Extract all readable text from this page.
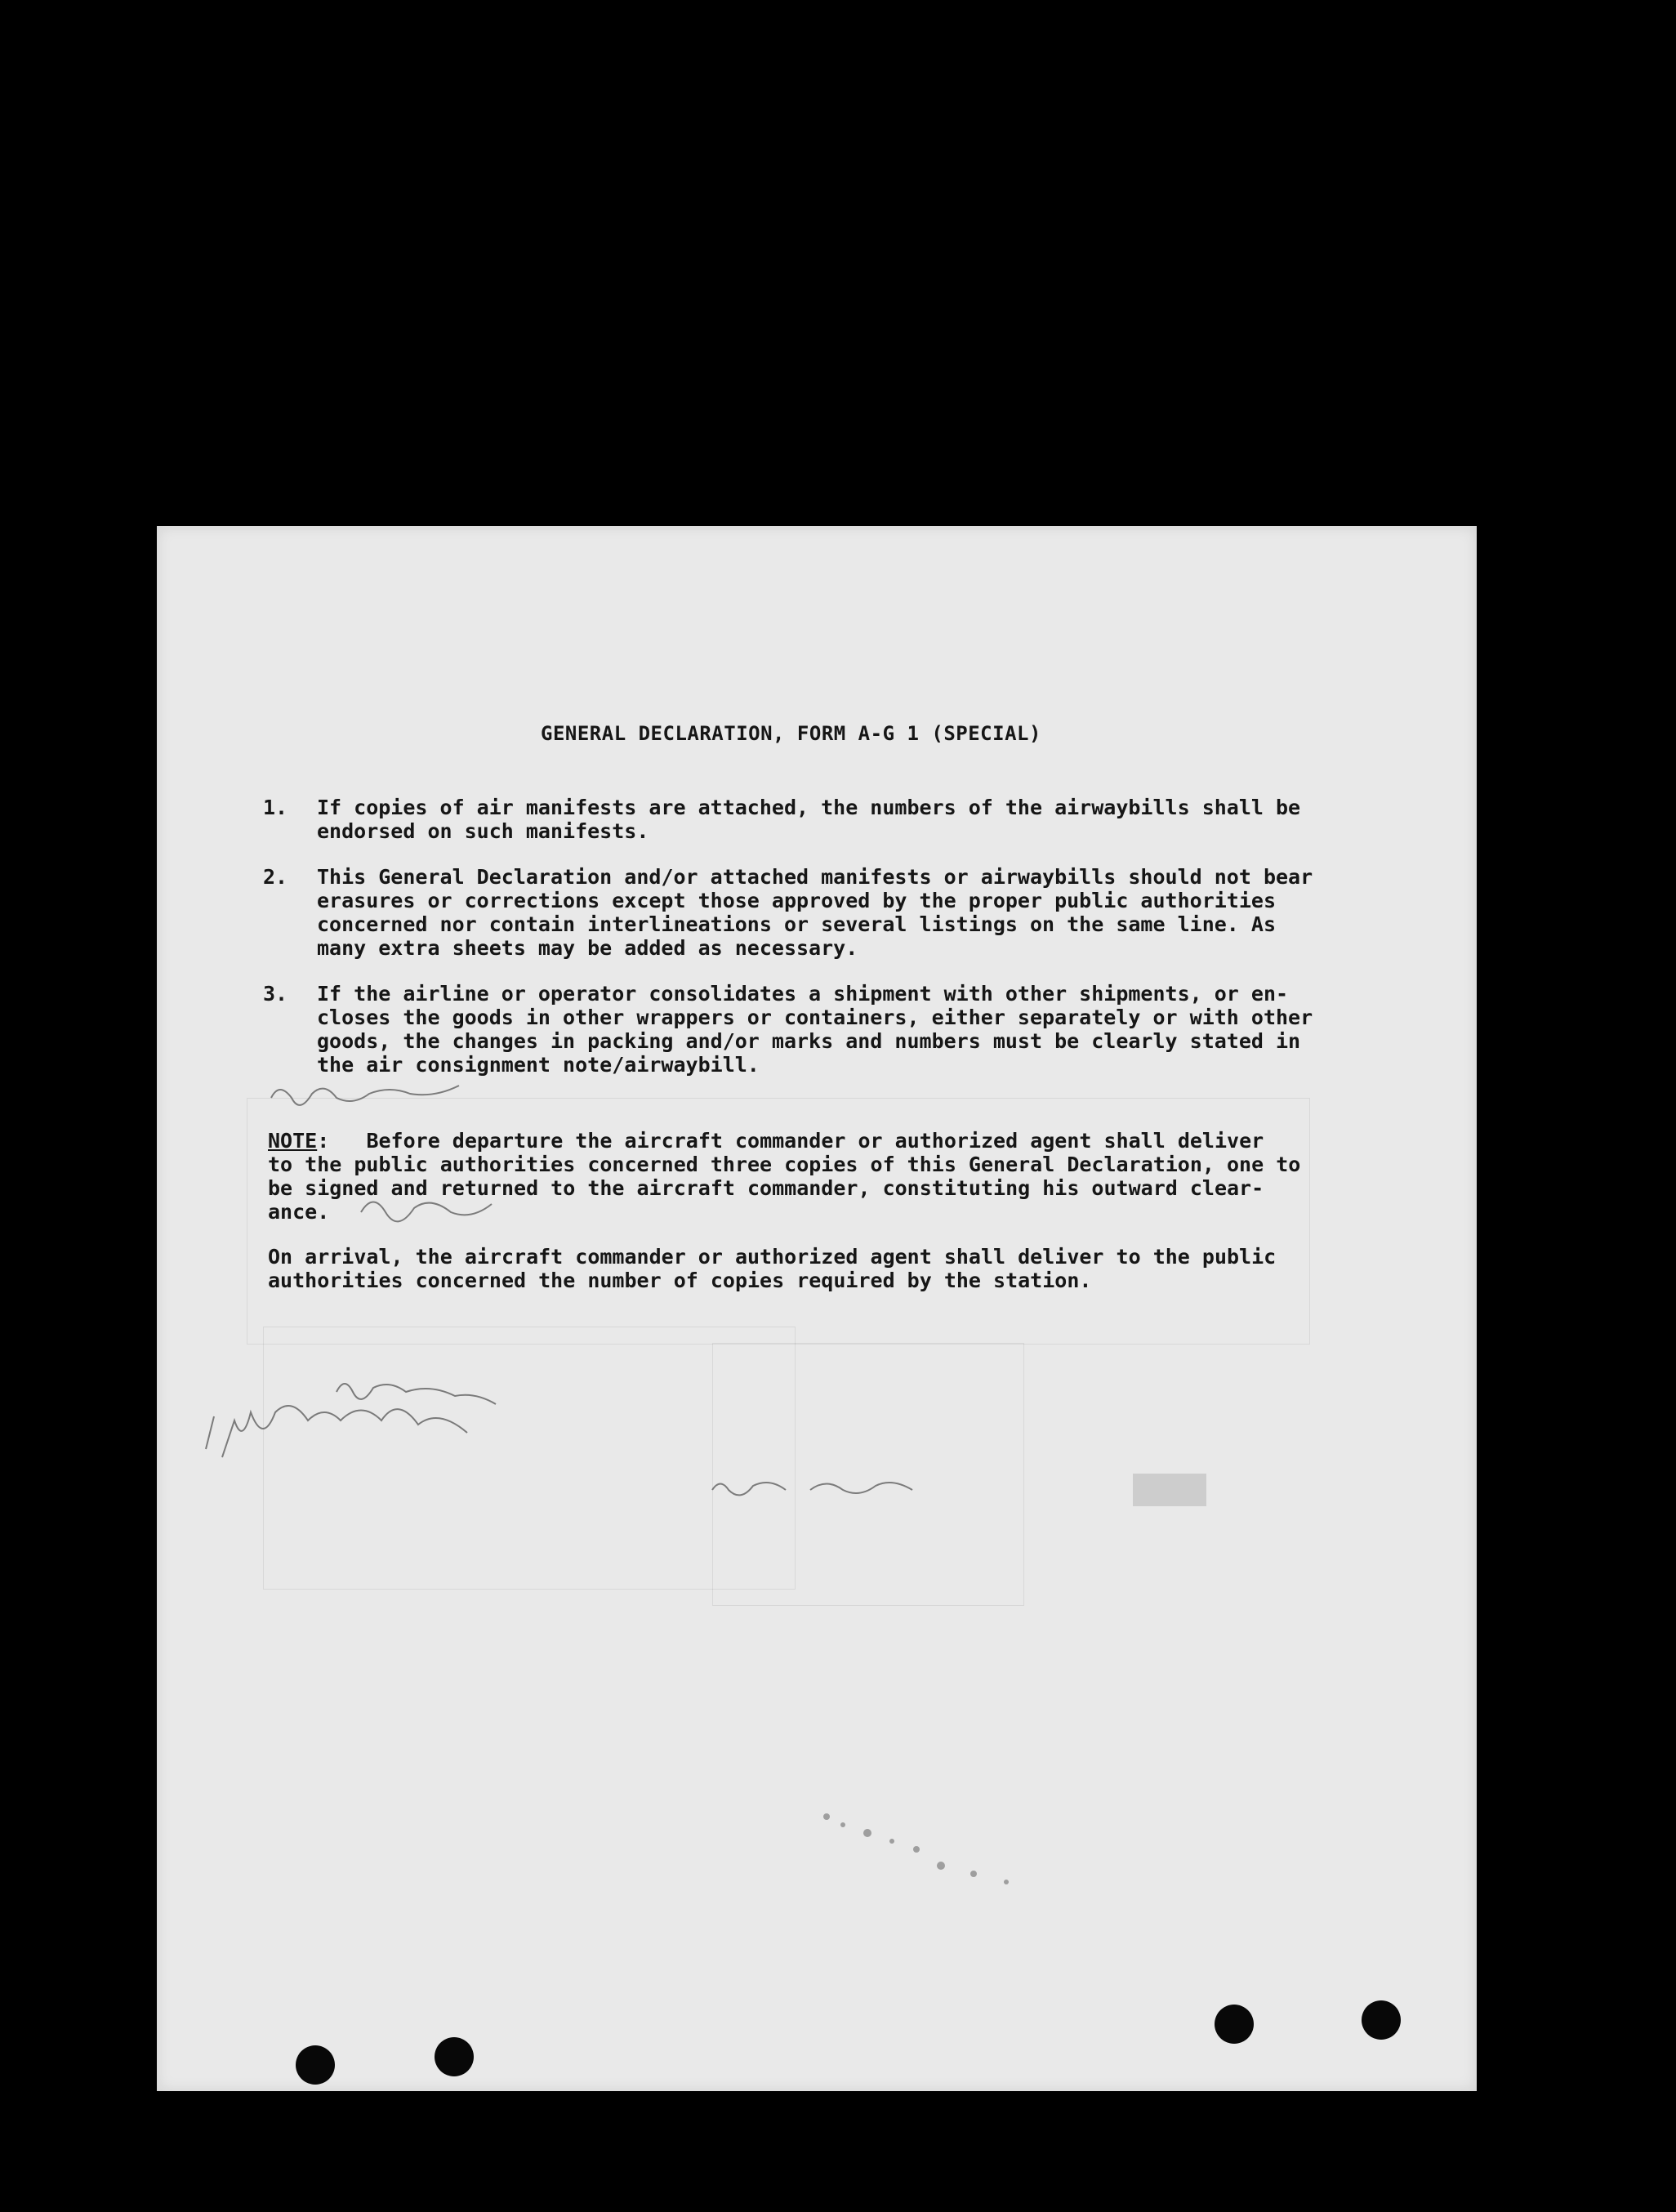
GENERAL DECLARATION, FORM A-G 1 (SPECIAL)
1.	If copies of air manifests are attached, the numbers of the airwaybills shall be
endorsed on such manifests.
2.	This General Declaration and/or attached manifests or airwaybills should not bear
erasures or corrections except those approved by the proper public authorities
concerned nor contain interlineations or several listings on the same line. As
many extra sheets may be added as necessary.
3.	If the airline or operator consolidates a shipment with other shipments, or en-
closes the goods in other wrappers or containers, either separately or with other
goods, the changes in packing and/or marks and numbers must be clearly stated in
the air consignment note/airwaybill.
NOTE:   Before departure the aircraft commander or authorized agent shall deliver
to the public authorities concerned three copies of this General Declaration, one to
be signed and returned to the aircraft commander, constituting his outward clear-
ance.
On arrival, the aircraft commander or authorized agent shall deliver to the public
authorities concerned the number of copies required by the station.
